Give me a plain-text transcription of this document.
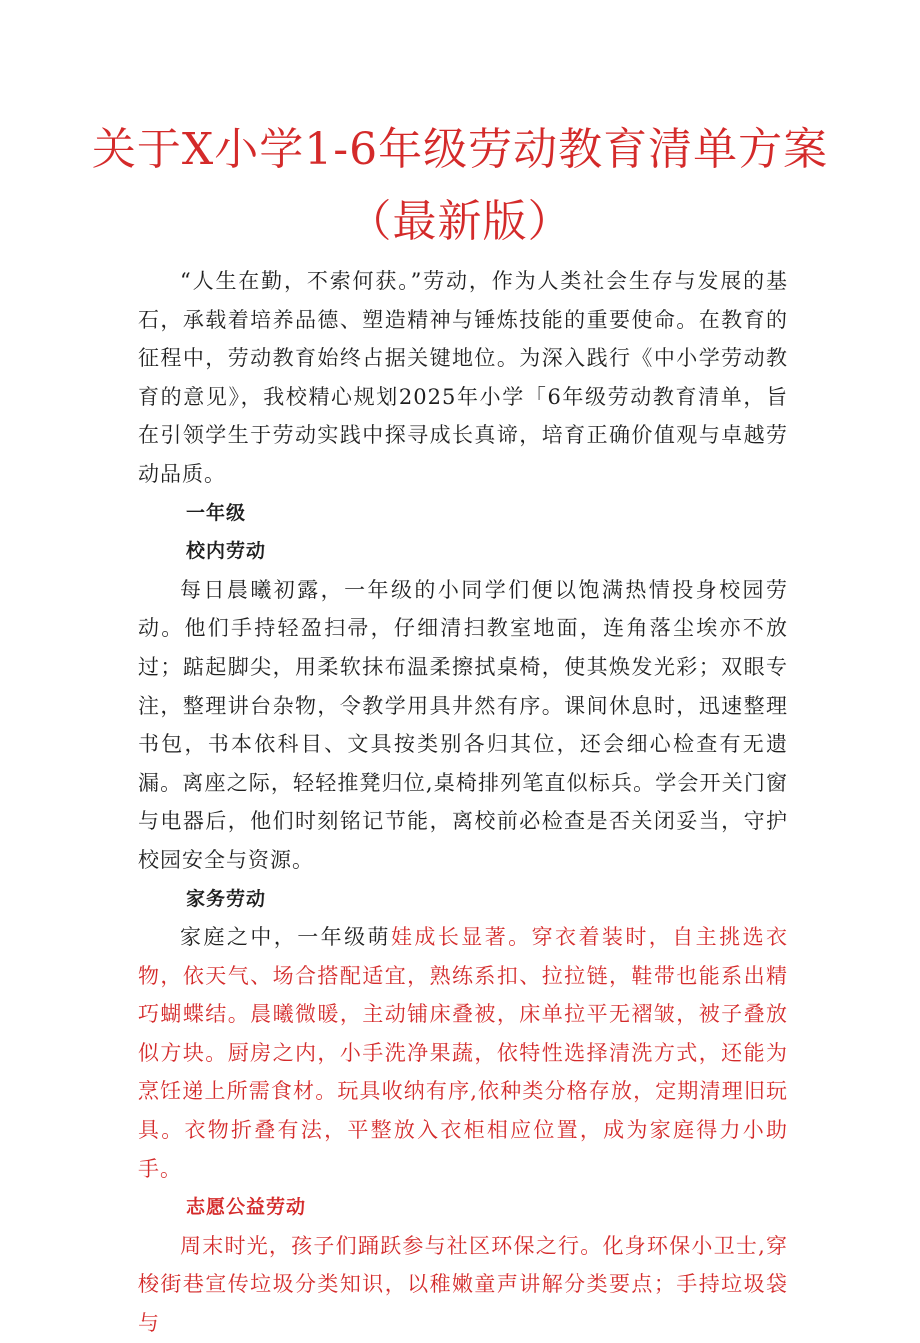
关于X小学1-6年级劳动教育清单方案
（最新版）

“人生在勤，不索何获。”劳动，作为人类社会生存与发展的基石，承载着培养品德、塑造精神与锤炼技能的重要使命。在教育的征程中，劳动教育始终占据关键地位。为深入践行《中小学劳动教育的意见》，我校精心规划2025年小学「6年级劳动教育清单，旨在引领学生于劳动实践中探寻成长真谛，培育正确价值观与卓越劳动品质。

一年级

校内劳动

每日晨曦初露，一年级的小同学们便以饱满热情投身校园劳动。他们手持轻盈扫帚，仔细清扫教室地面，连角落尘埃亦不放过；踮起脚尖，用柔软抹布温柔擦拭桌椅，使其焕发光彩；双眼专注，整理讲台杂物，令教学用具井然有序。课间休息时，迅速整理书包，书本依科目、文具按类别各归其位，还会细心检查有无遗漏。离座之际，轻轻推凳归位,桌椅排列笔直似标兵。学会开关门窗与电器后，他们时刻铭记节能，离校前必检查是否关闭妥当，守护校园安全与资源。

家务劳动

家庭之中，一年级萌娃成长显著。穿衣着装时，自主挑选衣物，依天气、场合搭配适宜，熟练系扣、拉拉链，鞋带也能系出精巧蝴蝶结。晨曦微暖，主动铺床叠被，床单拉平无褶皱，被子叠放似方块。厨房之内，小手洗净果蔬，依特性选择清洗方式，还能为烹饪递上所需食材。玩具收纳有序,依种类分格存放，定期清理旧玩具。衣物折叠有法，平整放入衣柜相应位置，成为家庭得力小助手。

志愿公益劳动

周末时光，孩子们踊跃参与社区环保之行。化身环保小卫士,穿梭街巷宣传垃圾分类知识，以稚嫩童声讲解分类要点；手持垃圾袋与
